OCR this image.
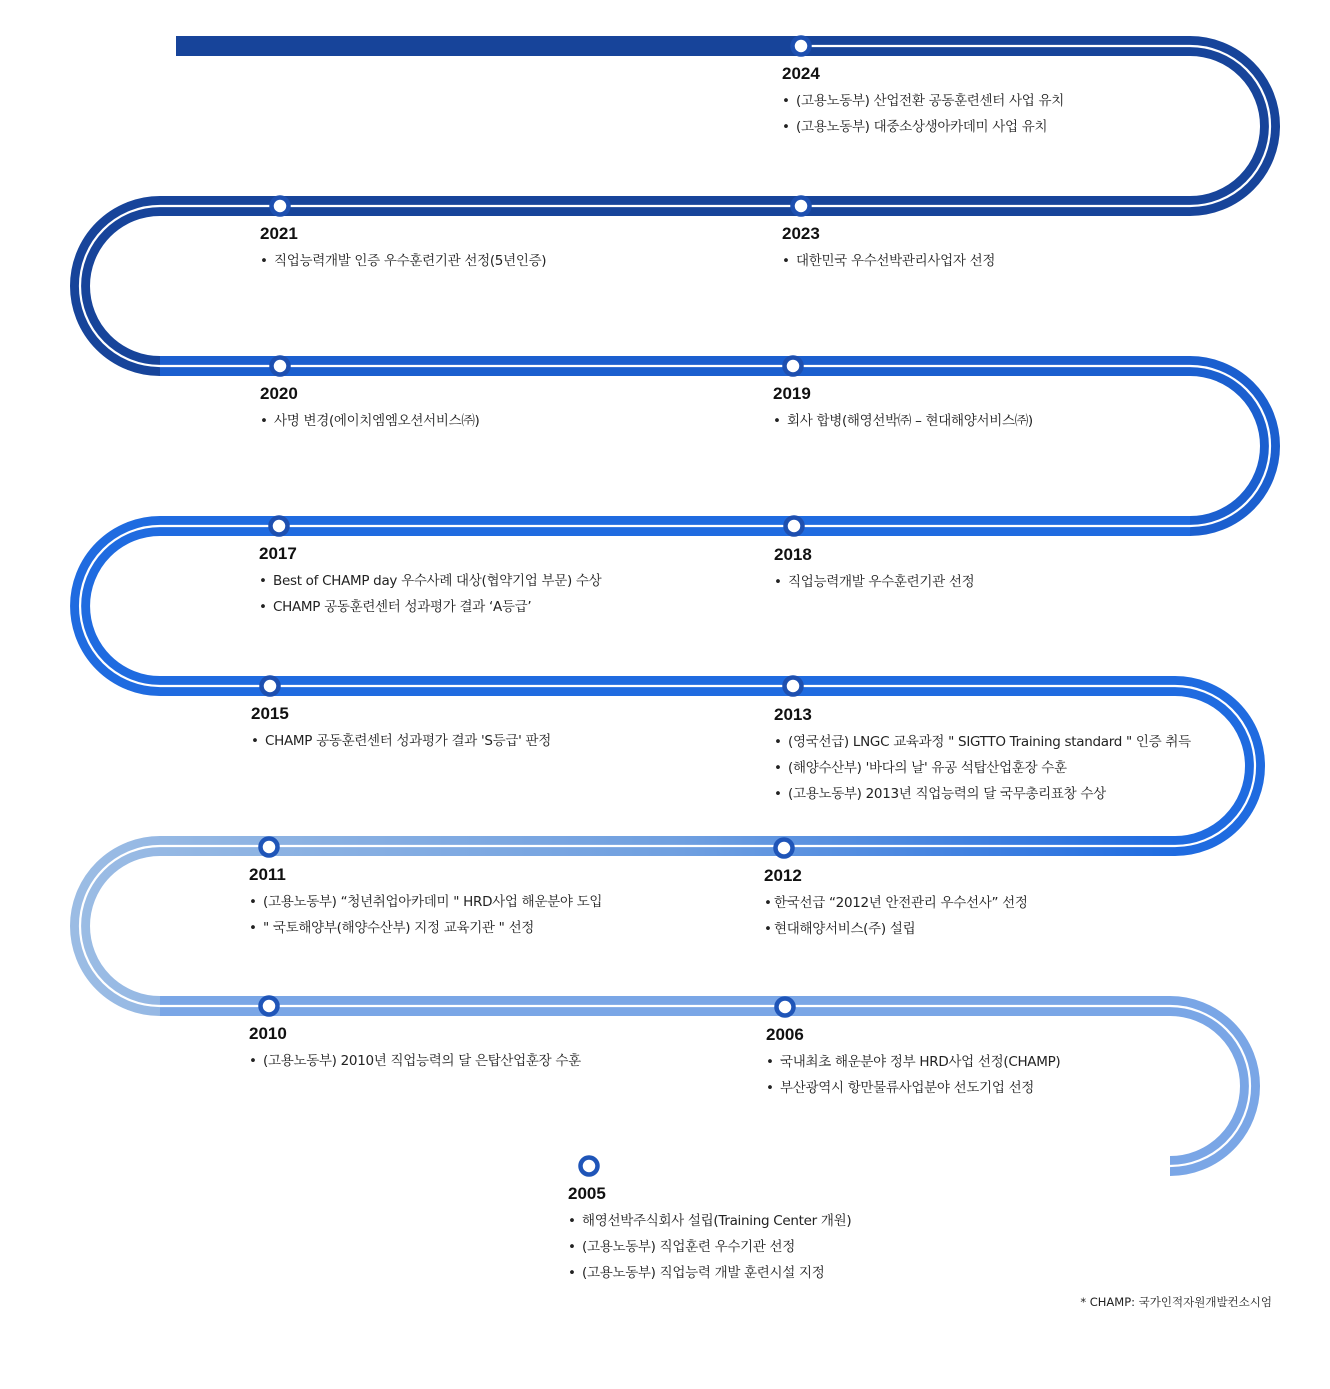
2024
• (고용노동부) 산업전환 공동훈련센터 사업 유치
• (고용노동부) 대중소상생아카데미 사업 유치
2023
• 대한민국 우수선박관리사업자 선정
2021
• 직업능력개발 인증 우수훈련기관 선정(5년인증)
2020
• 사명 변경(에이치엠엠오션서비스㈜)
2019
• 회사 합병(해영선박㈜ – 현대해양서비스㈜)
2018
• 직업능력개발 우수훈련기관 선정
2017
• Best of CHAMP day 우수사례 대상(협약기업 부문) 수상
• CHAMP 공동훈련센터 성과평가 결과 ‘A등급’
2015
• CHAMP 공동훈련센터 성과평가 결과 'S등급' 판정
2013
• (영국선급) LNGC 교육과정 " SIGTTO Training standard " 인증 취득
• (해양수산부) '바다의 날' 유공 석탑산업훈장 수훈
• (고용노동부) 2013년 직업능력의 달 국무총리표창 수상
2012
• 한국선급 “2012년 안전관리 우수선사” 선정
• 현대해양서비스(주) 설립
2011
• (고용노동부) “청년취업아카데미 " HRD사업 해운분야 도입
• " 국토해양부(해양수산부) 지정 교육기관 " 선정
2010
• (고용노동부) 2010년 직업능력의 달 은탑산업훈장 수훈
2006
• 국내최초 해운분야 정부 HRD사업 선정(CHAMP)
• 부산광역시 항만물류사업분야 선도기업 선정
2005
• 해영선박주식회사 설립(Training Center 개원)
• (고용노동부) 직업훈련 우수기관 선정
• (고용노동부) 직업능력 개발 훈련시설 지정
* CHAMP: 국가인적자원개발컨소시엄
